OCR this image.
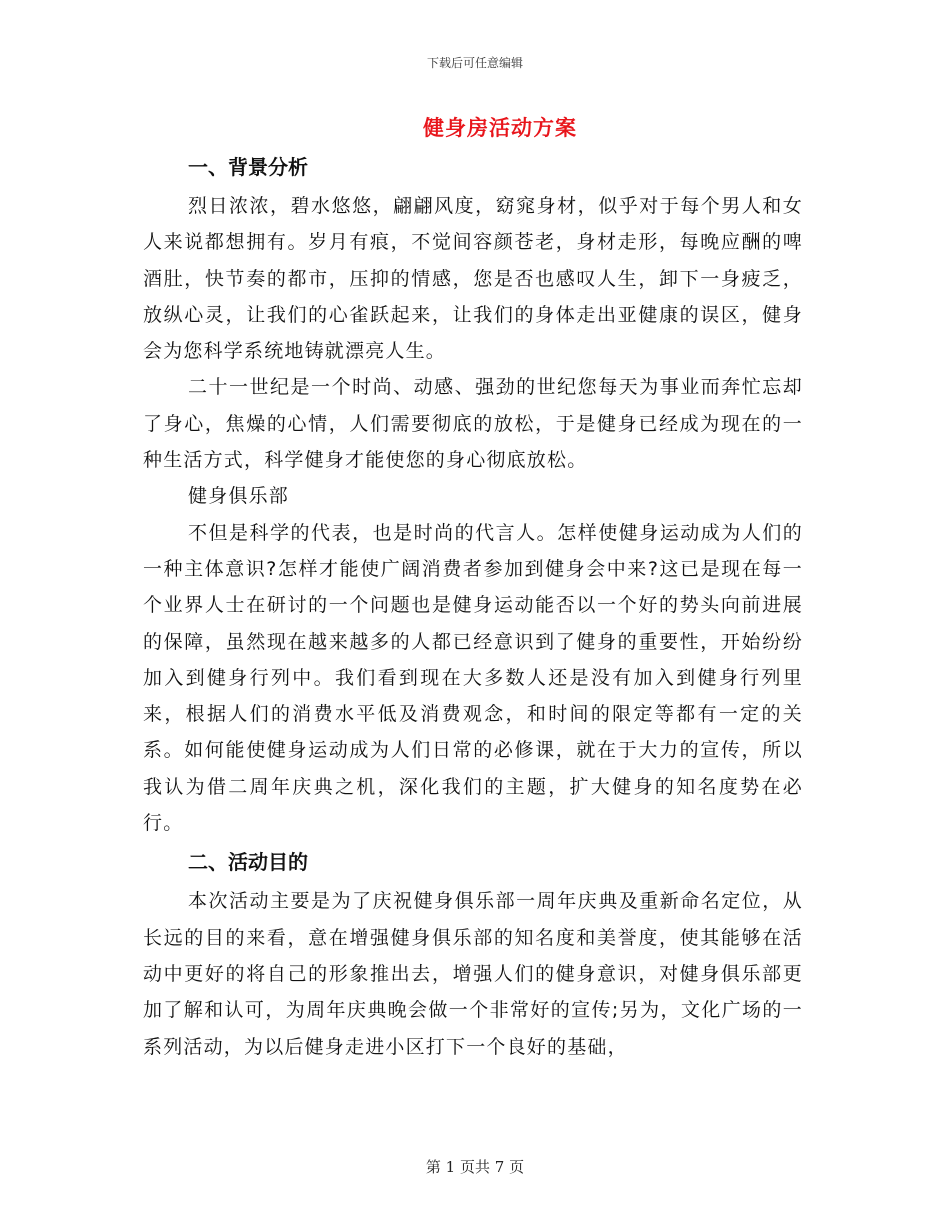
下载后可任意编辑

健身房活动方案
一、背景分析

烈日浓浓，碧水悠悠，翩翩风度，窈窕身材，似乎对于每个男人和女人来说都想拥有。岁月有痕，不觉间容颜苍老，身材走形，每晚应酬的啤酒肚，快节奏的都市，压抑的情感，您是否也感叹人生，卸下一身疲乏，放纵心灵，让我们的心雀跃起来，让我们的身体走出亚健康的误区，健身会为您科学系统地铸就漂亮人生。

二十一世纪是一个时尚、动感、强劲的世纪您每天为事业而奔忙忘却了身心，焦燥的心情，人们需要彻底的放松，于是健身已经成为现在的一种生活方式，科学健身才能使您的身心彻底放松。

健身俱乐部

不但是科学的代表，也是时尚的代言人。怎样使健身运动成为人们的一种主体意识?怎样才能使广阔消费者参加到健身会中来?这已是现在每一个业界人士在研讨的一个问题也是健身运动能否以一个好的势头向前进展的保障，虽然现在越来越多的人都已经意识到了健身的重要性，开始纷纷加入到健身行列中。我们看到现在大多数人还是没有加入到健身行列里来，根据人们的消费水平低及消费观念，和时间的限定等都有一定的关系。如何能使健身运动成为人们日常的必修课，就在于大力的宣传，所以我认为借二周年庆典之机，深化我们的主题，扩大健身的知名度势在必行。

二、活动目的

本次活动主要是为了庆祝健身俱乐部一周年庆典及重新命名定位，从长远的目的来看，意在增强健身俱乐部的知名度和美誉度，使其能够在活动中更好的将自己的形象推出去，增强人们的健身意识，对健身俱乐部更加了解和认可，为周年庆典晚会做一个非常好的宣传;另为，文化广场的一系列活动，为以后健身走进小区打下一个良好的基础，

第 1 页共 7 页
